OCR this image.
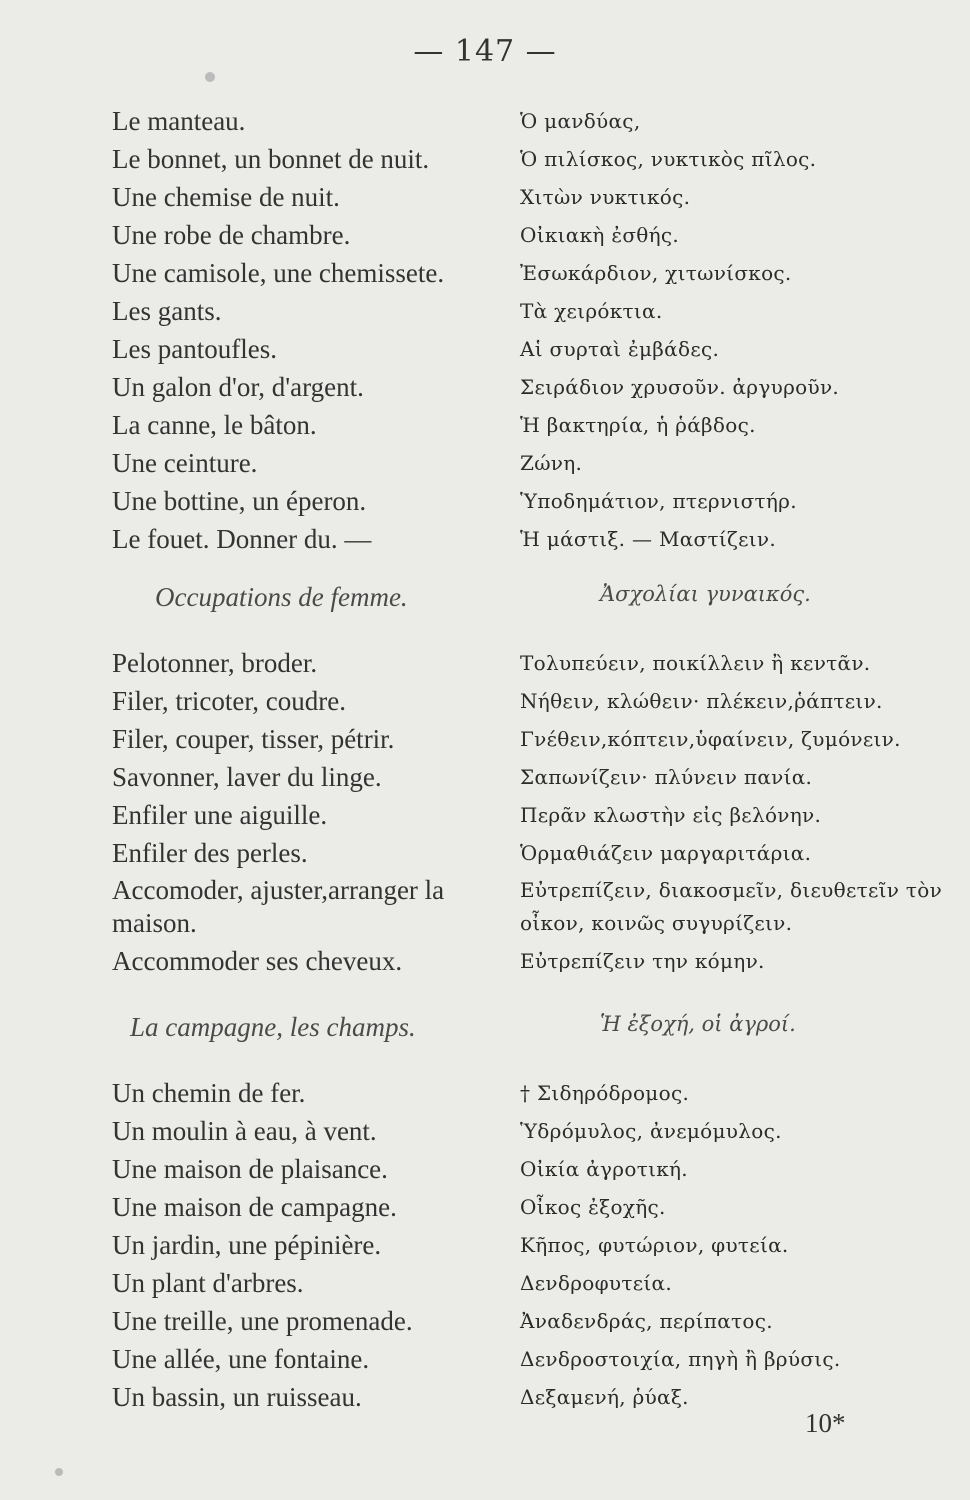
— 147 —
Le manteau.	Ὁ μανδύας,
Le bonnet, un bonnet de nuit.	Ὁ πιλίσκος, νυκτικὸς πῖλος.
Une chemise de nuit.	Χιτὼν νυκτικός.
Une robe de chambre.	Οἰκιακὴ ἐσθής.
Une camisole, une chemissete.	Ἐσωκάρδιον, χιτωνίσκος.
Les gants.	Τὰ χειρόκτια.
Les pantoufles.	Αἱ συρταὶ ἐμβάδες.
Un galon d'or, d'argent.	Σειράδιον χρυσοῦν. ἀργυροῦν.
La canne, le bâton.	Ἡ βακτηρία, ἡ ῥάβδος.
Une ceinture.	Ζώνη.
Une bottine, un éperon.	Ὑποδημάτιον, πτερνιστήρ.
Le fouet. Donner du. —	Ἡ μάστιξ. — Μαστίζειν.
Occupations de femme.	Ἀσχολίαι γυναικός.
Pelotonner, broder.	Τολυπεύειν, ποικίλλειν ἢ κεντᾶν.
Filer, tricoter, coudre.	Νήθειν, κλώθειν· πλέκειν,ῥάπτειν.
Filer, couper, tisser, pétrir.	Γνέθειν,κόπτειν,ὑφαίνειν, ζυμόνειν.
Savonner, laver du linge.	Σαπωνίζειν· πλύνειν πανία.
Enfiler une aiguille.	Περᾶν κλωστὴν εἰς βελόνην.
Enfiler des perles.	Ὁρμαθιάζειν μαργαριτάρια.
Accomoder, ajuster,arranger la maison.
Εὐτρεπίζειν, διακοσμεῖν, διευθετεῖν τὸν οἶκον, κοινῶς συγυρίζειν.
Accommoder ses cheveux.	Εὐτρεπίζειν την κόμην.
La campagne, les champs.	Ἡ ἐξοχή, οἱ ἀγροί.
Un chemin de fer.	† Σιδηρόδρομος.
Un moulin à eau, à vent.	Ὑδρόμυλος, ἀνεμόμυλος.
Une maison de plaisance.	Οἰκία ἀγροτική.
Une maison de campagne.	Οἶκος ἐξοχῆς.
Un jardin, une pépinière.	Κῆπος, φυτώριον, φυτεία.
Un plant d'arbres.	Δενδροφυτεία.
Une treille, une promenade.	Ἀναδενδράς, περίπατος.
Une allée, une fontaine.	Δενδροστοιχία, πηγὴ ἢ βρύσις.
Un bassin, un ruisseau.	Δεξαμενή, ῥύαξ.
10*
